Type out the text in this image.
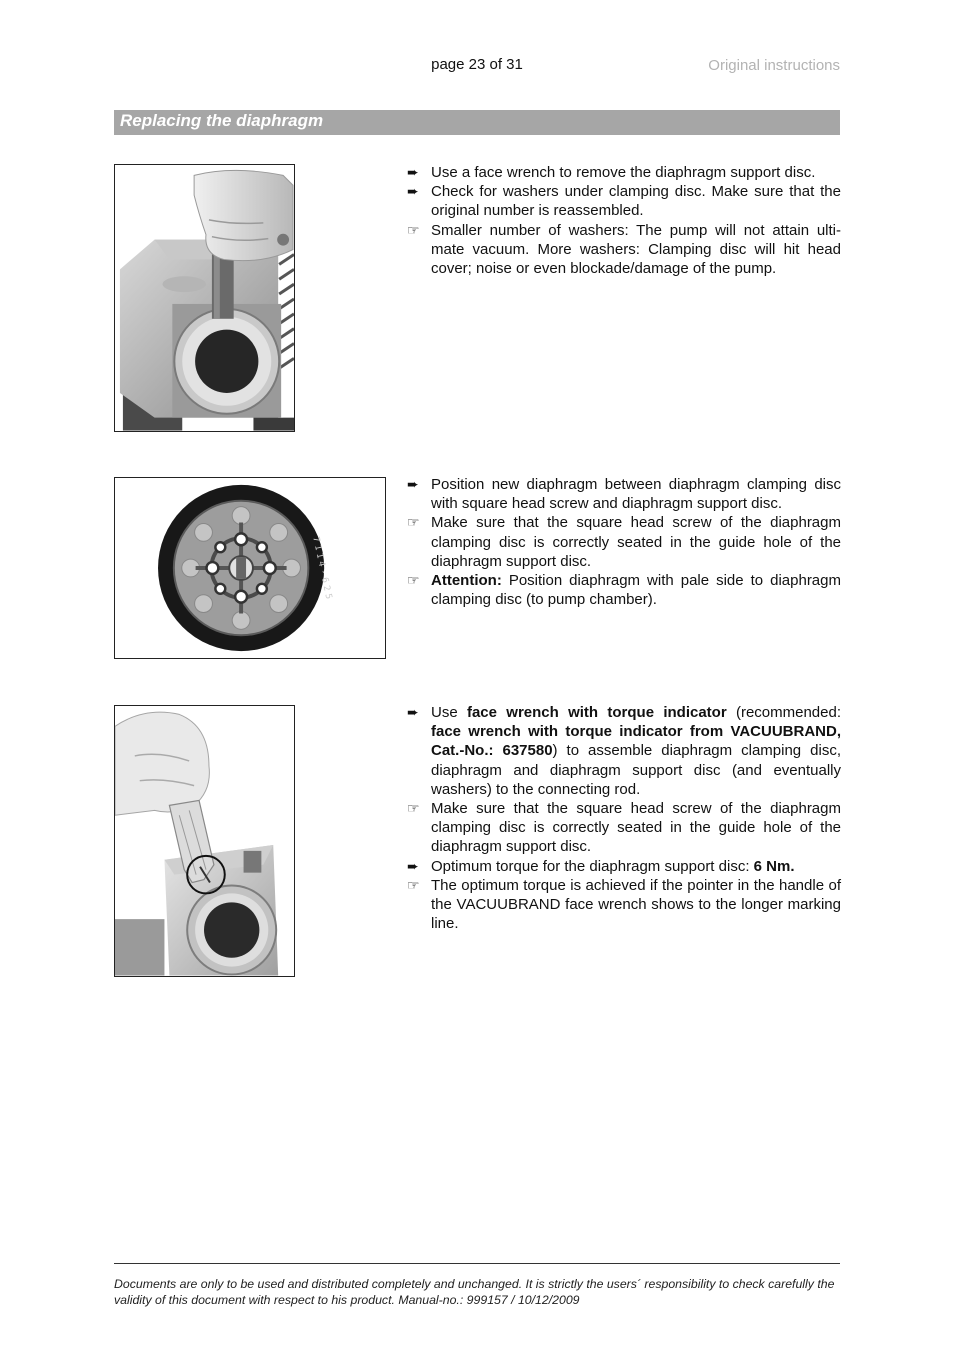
page 23 of 31	Original instructions
Replacing the diaphragm
➨ Use a face wrench to remove the diaphragm support disc.
➨ Check for washers under clamping disc. Make sure that the original number is reassembled.
☞ Smaller number of washers: The pump will not attain ulti-mate vacuum. More washers: Clamping disc will hit head cover; noise or even blockade/damage of the pump.
7114-625
➨ Position new diaphragm between diaphragm clamping disc with square head screw and diaphragm support disc.
☞ Make sure that the square head screw of the diaphragm clamping disc is correctly seated in the guide hole of the diaphragm support disc.
☞ Attention: Position diaphragm with pale side to diaphragm clamping disc (to pump chamber).
➨ Use face wrench with torque indicator (recommended: face wrench with torque indicator from VACUUBRAND, Cat.-No.: 637580) to assemble diaphragm clamping disc, diaphragm and diaphragm support disc (and eventually washers) to the connecting rod.
☞ Make sure that the square head screw of the diaphragm clamping disc is correctly seated in the guide hole of the diaphragm support disc.
➨ Optimum torque for the diaphragm support disc: 6 Nm.
☞ The optimum torque is achieved if the pointer in the handle of the VACUUBRAND face wrench shows to the longer marking line.
Documents are only to be used and distributed completely and unchanged. It is strictly the users´ responsibility to check carefully the validity of this document with respect to his product. Manual-no.: 999157 / 10/12/2009
